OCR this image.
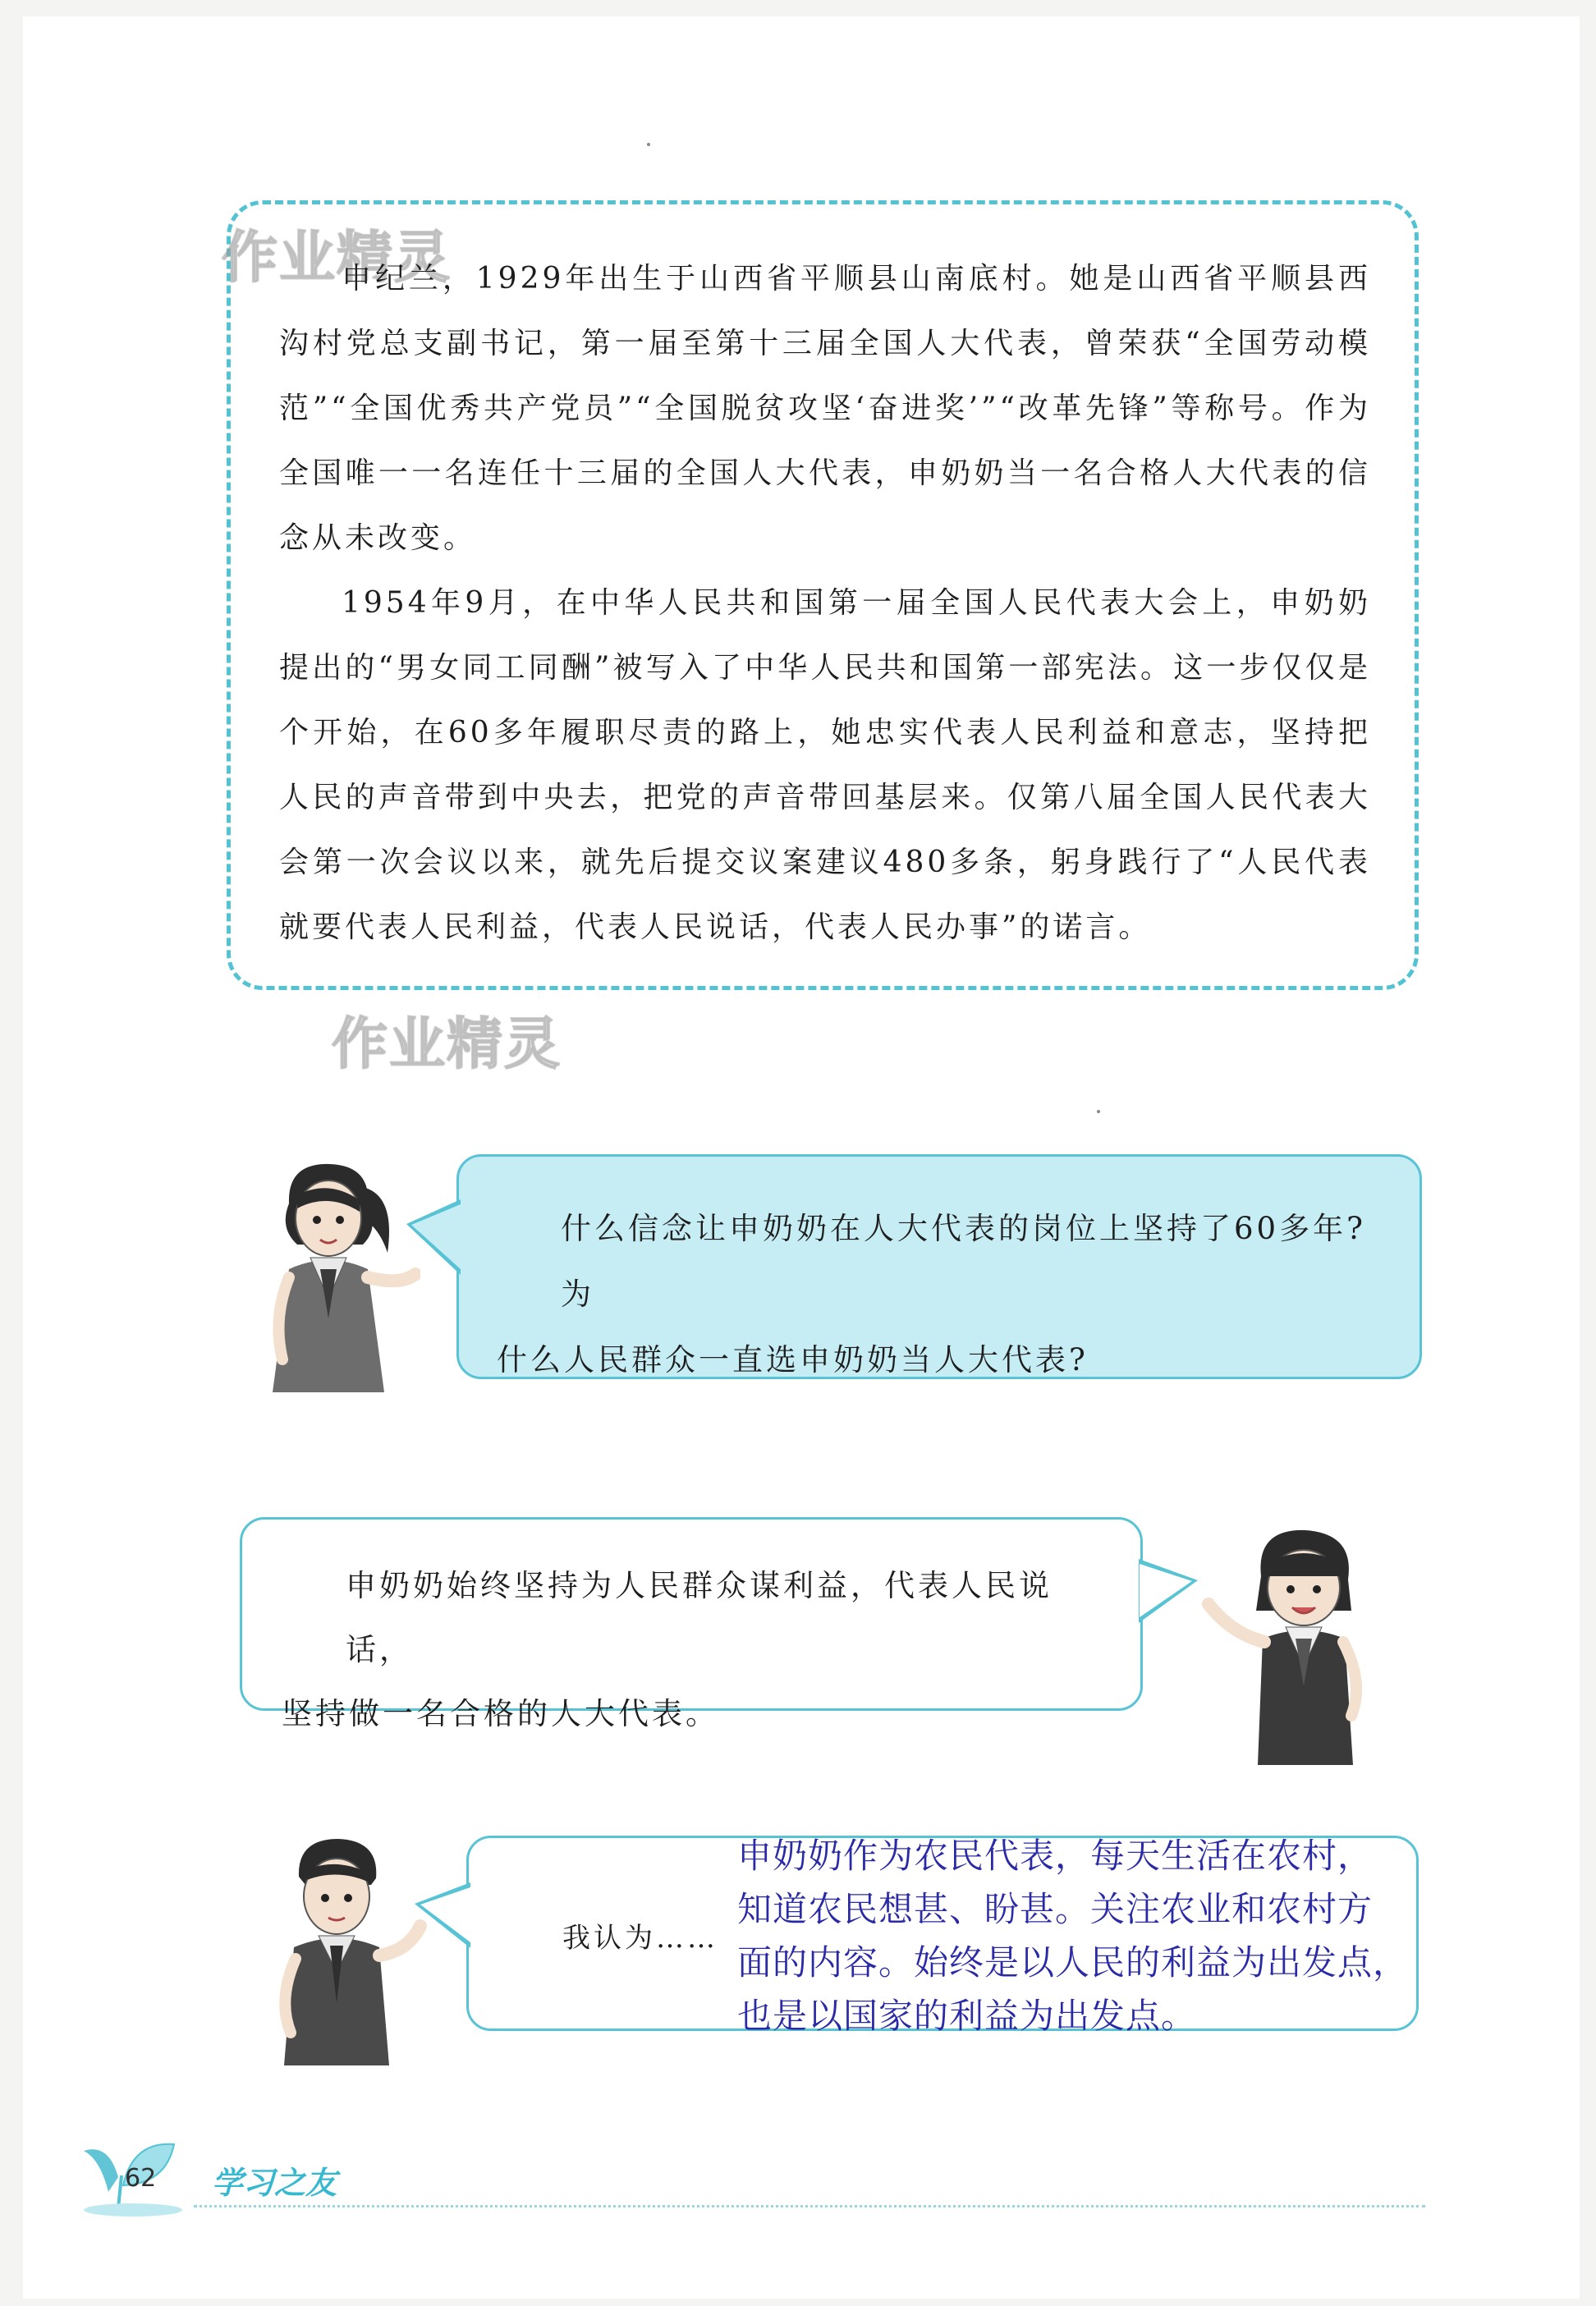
作业精灵

申纪兰，1929年出生于山西省平顺县山南底村。她是山西省平顺县西沟村党总支副书记，第一届至第十三届全国人大代表，曾荣获“全国劳动模范”“全国优秀共产党员”“全国脱贫攻坚‘奋进奖’”“改革先锋”等称号。作为全国唯一一名连任十三届的全国人大代表，申奶奶当一名合格人大代表的信念从未改变。

1954年9月，在中华人民共和国第一届全国人民代表大会上，申奶奶提出的“男女同工同酬”被写入了中华人民共和国第一部宪法。这一步仅仅是个开始，在60多年履职尽责的路上，她忠实代表人民利益和意志，坚持把人民的声音带到中央去，把党的声音带回基层来。仅第八届全国人民代表大会第一次会议以来，就先后提交议案建议480多条，躬身践行了“人民代表就要代表人民利益，代表人民说话，代表人民办事”的诺言。

作业精灵
什么信念让申奶奶在人大代表的岗位上坚持了60多年?为
什么人民群众一直选申奶奶当人大代表?
申奶奶始终坚持为人民群众谋利益，代表人民说话，
坚持做一名合格的人大代表。
我认为……
申奶奶作为农民代表，每天生活在农村，
知道农民想甚、盼甚。关注农业和农村方
面的内容。始终是以人民的利益为出发点，
也是以国家的利益为出发点。
62 学习之友
